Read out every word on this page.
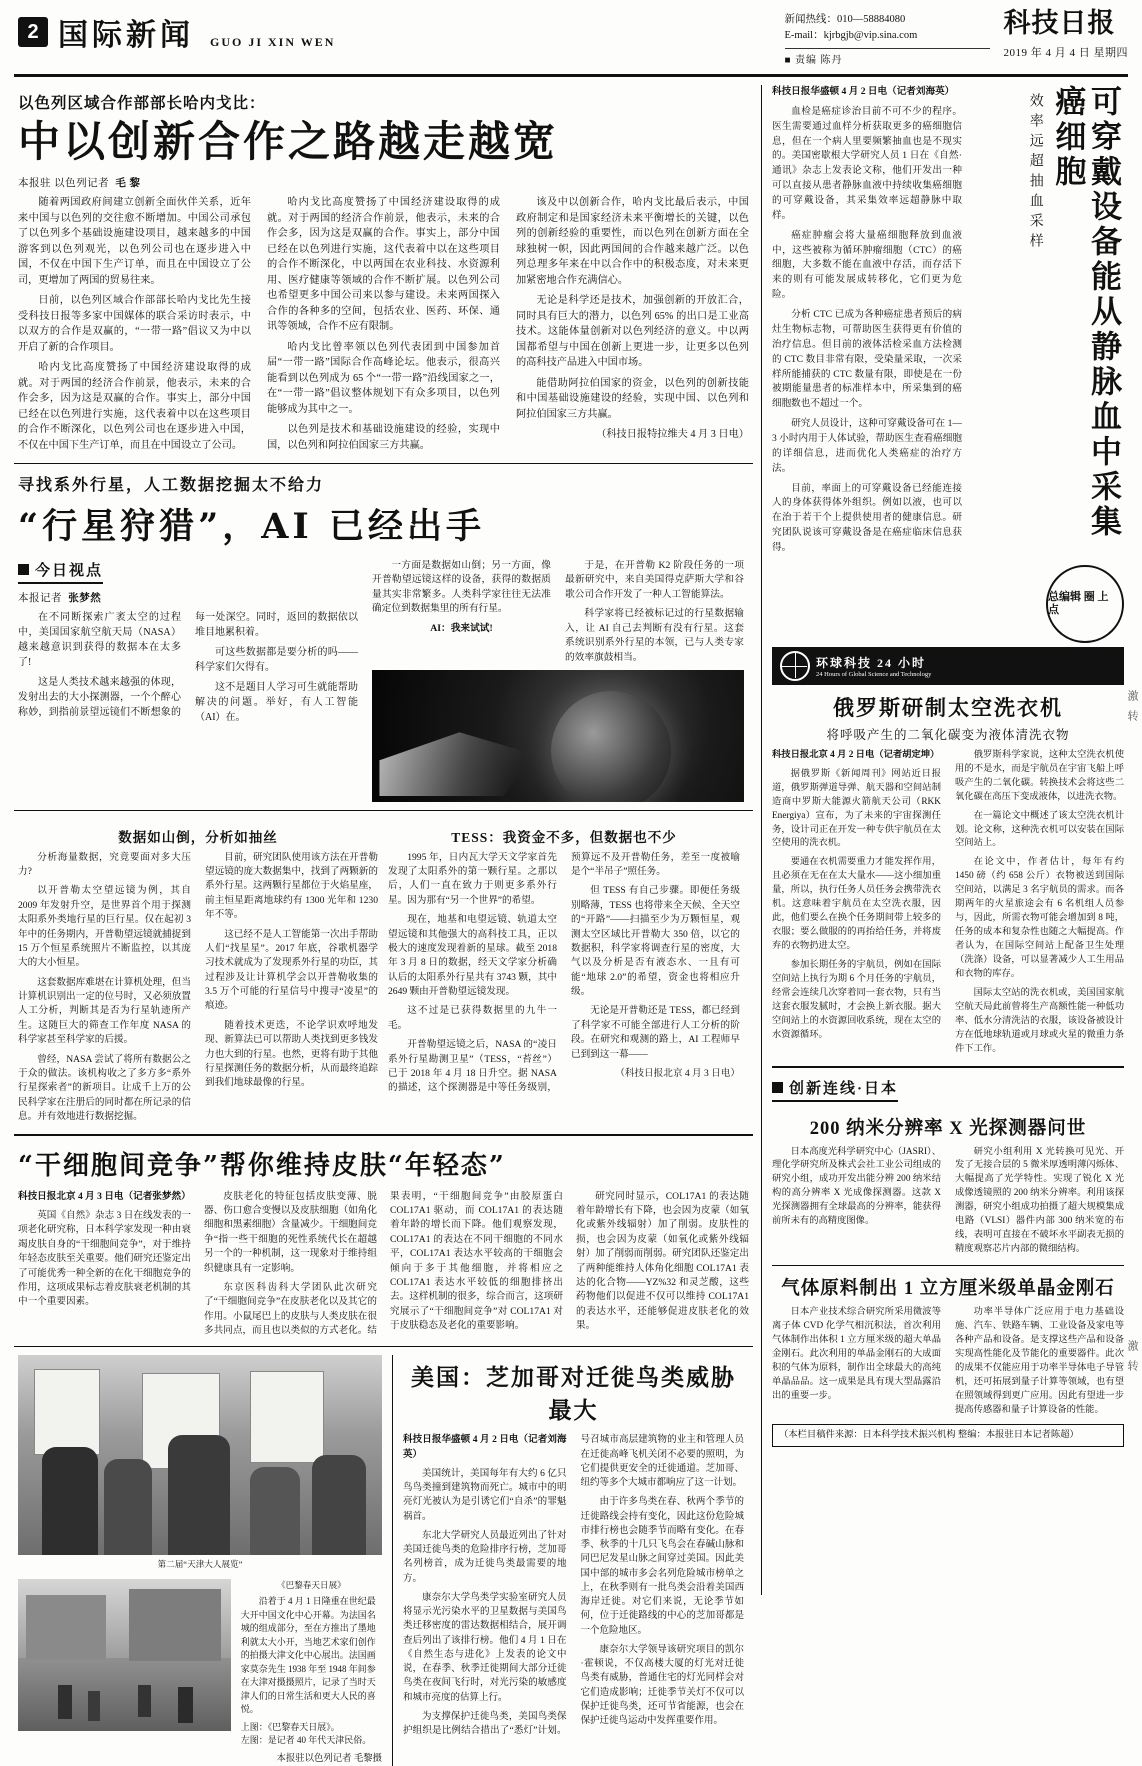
2 国际新闻 GUO JI XIN WEN
新闻热线：010—58884080
E-mail：kjrbgjb@vip.sina.com
■ 责编 陈丹
科技日报
2019 年 4 月 4 日 星期四
以色列区域合作部部长哈内戈比：
中以创新合作之路越走越宽
本报驻 以色列记者 毛 黎

随着两国政府间建立创新全面伙伴关系，近年来中国与以色列的交往愈不断增加。中国公司承包了以色列多个基础设施建设项目，越来越多的中国游客到以色列观光，以色列公司也在逐步进入中国，不仅在中国下生产订单，而且在中国设立了公司，更增加了两国的贸易往来。

日前，以色列区域合作部部长哈内戈比先生接受科技日报等多家中国媒体的联合采访时表示，中以双方的合作是双赢的，“一带一路”倡议又为中以开启了新的合作项目。

哈内戈比高度赞扬了中国经济建设取得的成就。对于两国的经济合作前景，他表示，未来的合作会多，因为这是双赢的合作。事实上，部分中国已经在以色列进行实施，这代表着中以在这些项目的合作不断深化，以色列公司也在逐步进入中国，不仅在中国下生产订单，而且在中国设立了公司。

哈内戈比高度赞扬了中国经济建设取得的成就。对于两国的经济合作前景，他表示，未来的合作会多，因为这是双赢的合作。事实上，部分中国已经在以色列进行实施，这代表着中以在这些项目的合作不断深化，中以两国在农业科技、水资源利用、医疗健康等领域的合作不断扩展。以色列公司也希望更多中国公司来以参与建设。未来两国探入合作的各种多的空间，包括农业、医药、环保、通讯等领域，合作不应有限制。

哈内戈比曾率领以色列代表团到中国参加首届“一带一路”国际合作高峰论坛。他表示，很高兴能看到以色列成为 65 个“一带一路”沿线国家之一，在“一带一路”倡议整体规划下有众多项目，以色列能够成为其中之一。

以色列是技术和基础设施建设的经验，实现中国，以色列和阿拉伯国家三方共赢。

该及中以创新合作，哈内戈比最后表示，中国政府制定和是国家经济未来平衡增长的关键，以色列的创新经验的重要性，而以色列在创新方面在全球独树一帜，因此两国间的合作越来越广泛。以色列总理多年来在中以合作中的积极态度，对未来更加紧密地合作充满信心。

无论是科学还是技术，加强创新的开放汇合，同时具有巨大的潜力，以色列 65% 的出口是工业高技术。这能体量创新对以色列经济的意义。中以两国都希望与中国在创新上更进一步，让更多以色列的高科技产品进入中国市场。

能借助阿拉伯国家的资金，以色列的创新技能和中国基础设施建设的经验，实现中国、以色列和阿拉伯国家三方共赢。

（科技日报特拉维夫 4 月 3 日电）

寻找系外行星，人工数据挖掘太不给力
“行星狩猎”，AI 已经出手
今日视点
本报记者 张梦然

在不同断探索广袤太空的过程中，美国国家航空航天局（NASA）越来越意识到获得的数据本在太多了!

这是人类技术越来越强的体现，发射出去的大小探测器，一个个醉心称妙，到指前景望远镜们不断想象的每一处深空。同时，返回的数据依以堆目地累积着。

可这些数据都是要分析的吗——科学家们欠得有。

这不是题目人学习可生就能帮助解决的问题。举好，有人工智能（AI）在。

一方面是数据如山倒；另一方面，像开普勒望远镜这样的设备，获得的数据质量其实非常繁多。人类科学家往往无法准确定位到数据集里的所有行星。

AI：我来试试!

于是，在开普勒 K2 阶段任务的一项最新研究中，来自美国得克萨斯大学和谷歌公司合作开发了一种人工智能算法。

科学家将已经被标记过的行星数据输入，让 AI 自己去判断有没有行星。这套系统识别系外行星的本领，已与人类专家的效率旗鼓相当。

数据如山倒，分析如抽丝

分析海量数据，究竟要面对多大压力?

以开普勒太空望远镜为例，其自 2009 年发射升空，是世界首个用于探测太阳系外类地行星的巨行星。仅在起初 3 年中的任务期内，开普勒望远镜就捕捉到 15 万个恒星系统照片不断监控，以其庞大的大小恒星。

这套数据库难堪在计算机处理，但当计算机识别出一定的位号时，又必须放置人工分析，判断其是否为行星轨迹所产生。这随巨大的筛查工作年度 NASA 的科学家甚至科学家的后援。

曾经，NASA 尝试了将所有数据公之于众的做法。该机构收之了多方多“系外行星探索者”的新项目。让成千上万的公民科学家在注册后的同时都在所记录的信息。并有效地进行数据挖掘。

目前，研究团队使用该方法在开普勒望远镜的庞大数据集中，找到了两颗新的系外行星。这两颗行星都位于火焰星座，前主恒星距离地球约有 1300 光年和 1230 年不等。

这已经不是人工智能第一次出手帮助人们“找星星”。2017 年底，谷歌机器学习技术就成为了发现系外行星的功臣，其过程涉及让计算机学会以开普勒收集的 3.5 万个可能的行星信号中搜寻“凌星”的痕迹。

随着技术更迭，不论学识欢呼地发现、新算法已可以帮助人类找到更多钱发力也大到的行星。也然，更将有助于其他行星探测任务的数据分析，从而最终追踪到我们地球最像的行星。

TESS：我资金不多，但数据也不少

1995 年，日内瓦大学天文学家首先发现了太阳系外的第一颗行星。之那以后，人们一直在致力于则更多系外行星。因为那有“另一个世界”的希望。

现在，地基和电望远镜、轨道太空望远镜和其他强大的高科技工具，正以极大的速度发现着新的星球。截至 2018 年 3 月 8 日的数据，经天文学家分析确认后的太阳系外行星共有 3743 颗，其中 2649 颗由开普勒望远镜发现。

这不过是已获得数据里的九牛一毛。

开普勒望远镜之后，NASA 的“凌日系外行星勘测卫星”（TESS，“苔丝”）已于 2018 年 4 月 18 日升空。据 NASA 的描述，这个探测器是中等任务级别，预算远不及开普勒任务，差至一度被喻是个“半吊子”照任务。

但 TESS 有自己步骤。即便任务级别略薄，TESS 也将带来全天候、全天空的“开路”——扫描至少为万颗恒星，观测太空区域比开普勒大 350 倍，以它的数据积，科学家将调查行星的密度，大气以及分析是否有液态水、一且有可能“地球 2.0”的希望，资金也将相应升级。

无论是开普勒还是 TESS，都已经到了科学家不可能全部进行人工分析的阶段。在研究和观测的路上，AI 工程师早已到到这一幕——

（科技日报北京 4 月 3 日电）

“干细胞间竞争”帮你维持皮肤“年轻态”

科技日报北京 4 月 3 日电（记者张梦然）

英国《自然》杂志 3 日在线发表的一项老化研究称，日本科学家发现一种由衰竭皮肤自身的“干细胞间竞争”，对于维持年轻态皮肤至关重要。他们研究还鉴定出了可能优秀一种全新的在化干细胞竞争的作用，这项成果标志着皮肤衰老机制的其中一个重要因素。

皮肤老化的特征包括皮肤变薄、脱器、伤口愈合变慢以及皮肤细胞（如角化细胞和黑素细胞）含量减少。干细胞间竞争“指一些干细胞的死性系统代长在超越另一个的一种机制，这一现象对于维持组织健康具有一定影响。

东京医科齿科大学团队此次研究了“干细胞间竞争”在皮肤老化以及其它的作用。小鼠尾巴上的皮肤与人类皮肤在很多共同点，而且也以类似的方式老化。结果表明，“干细胞间竞争”由胶原蛋白 COL17A1 驱动，而 COL17A1 的表达随着年龄的增长而下降。他们观察发现，COL17A1 的表达在不同干细胞的不同水平，COL17A1 表达水平较高的干细胞会倾向于多于其他细胞，并将相应之 COL17A1 表达水平较低的细胞排挤出去。这样机制的很多，综合而言，这项研究展示了“干细胞间竞争”对 COL17A1 对于皮肤稳态及老化的重要影响。

研究同时显示，COL17A1 的表达随着年龄增长有下降，也会因为皮蒙（如氧化或紫外线辐射）加了削弱。皮肤性的损，也会因为皮蒙（如氧化或紫外线辐射）加了削弱而削弱。研究团队还鉴定出了两种能维持人体角化细胞 COL17A1 表达的化合物——YZ%32 和灵芝酸，这些药物他们以促进不仅可以维持 COL17A1 的表达水平，还能够促进皮肤老化的效果。

第二届“天津大人展览”
《巴黎春天日展》

沿着于 4 月 1 日隆重在世纪最大开中国文化中心开幕。为法国名城的组成部分，至在方推出了墨地利就太大小开，当地艺术家们创作的拍摄大津文化中心展出。法国画家莫奈先生 1938 年至 1948 年间参在大津对摄摄照片，记录了当时天津人们的日常生活和更大人民的喜悦。

上图：《巴黎春天日展》。
左图：是记者 40 年代天津民俗。
本报驻以色列记者 毛黎摄
美国：芝加哥对迁徙鸟类威胁最大

科技日报华盛顿 4 月 2 日电（记者刘海英）

美国统计，美国每年有大约 6 亿只鸟鸟类撞到建筑物而死亡。城市中的明亮灯光被认为是引诱它们“自杀”的罪魁祸首。

东北大学研究人员最近列出了针对美国迁徙鸟类的危险排序行榜，芝加哥名列榜首，成为迁徙鸟类最需要的地方。

康奈尔大学鸟类学实验室研究人员将显示光污染水平的卫星数据与美国鸟类迁移密度的雷达数据相结合，展开调查后列出了该排行榜。他们 4 月 1 日在《自然生态与进化》上发表的论文中说，在春季、秋季迁徙期间大部分迁徙鸟类在夜间飞行时，对光污染的敏感度和城市亮度的估算上行。

为支撑保护迁徙鸟类，美国鸟类保护组织是比例结合措出了“悉灯”计划。号召城市高层建筑物的业主和管理人员在迁徙高峰飞机关闭不必要的照明，为它们提供更安全的迁徙通道。芝加哥、纽约等多个大城市都响应了这一计划。

由于许多鸟类在春、秋两个季节的迁徙路线会持有变化，因此这份危险城市排行榜也会随季节而略有变化。在春季、秋季的十几只飞鸟会在春碱山脉和同巴尼发星山脉之间穿过美国。因此美国中部的城市多会名列危险城市榜单之上，在秋季则有一批鸟类会沿着美国西海岸迁徙。对它们来说，无论季节如何，位于迁徙路线的中心的芝加哥都是一个危险地区。

康奈尔大学领导该研究项目的凯尔·霍顿说，不仅高楼大厦的灯光对迁徙鸟类有威胁，普通住宅的灯光同样会对它们造成影响；迁徙季节关灯不仅可以保护迁徙鸟类，还可节省能源，也会在保护迁徙鸟运动中发挥重要作用。

科技日报华盛顿 4 月 2 日电（记者刘海英）

血检是癌症诊治目前不可不少的程序。医生需要通过血样分析获取更多的癌细胞信息，但在一个病人里要频繁抽血也是不现实的。美国密歇根大学研究人员 1 日在《自然·通讯》杂志上发表论文称，他们开发出一种可以直接从患者静脉血液中持续收集癌细胞的可穿戴设备，其采集效率远超静脉中取样。

癌症肿瘤会将大量癌细胞释放到血液中，这些被称为循环肿瘤细胞（CTC）的癌细胞，大多数不能在血液中存活，而存活下来的则有可能发展成转移化，它们更为危险。

分析 CTC 已成为各种癌症患者预后的病灶生物标志物，可帮助医生获得更有价值的治疗信息。但目前的液体活检采血方法检测的 CTC 数目非常有限，受染量采取，一次采样所能捕获的 CTC 数量有限，即使是在一份被期能量患者的标准样本中，所采集到的癌细胞数也不超过一个。

研究人员设计，这种可穿戴设备可在 1—3 小时内用于人体试验，帮助医生查看癌细胞的详细信息，进而优化人类癌症的治疗方法。

目前，率面上的可穿戴设备已经能连接人的身体获得体外组织。例如以液，也可以在治于若干个上提供使用者的健康信息。研究团队说该可穿戴设备是在癌症临床信息获得。

效率远超抽血采样	可穿戴设备能从静脉血中采集癌细胞
总编辑 圈 上 点
环球科技 24 小时
24 Hours of Global Science and Technology
俄罗斯研制太空洗衣机
将呼吸产生的二氧化碳变为液体清洗衣物

科技日报北京 4 月 2 日电（记者胡定坤）

据俄罗斯《新闻周刊》网站近日报道，俄罗斯弹道导弹、航天器和空间站制造商中罗斯大能源火箭航天公司（RKK Energiya）宣布，为了未来的宇宙探测任务，设计司正在开发一种专供宇航员在太空使用的洗衣机。

要通在衣机需要重力才能发挥作用，且必须在无在在太大量水——这小细加重量，所以，执行任务人员任务会携带洗衣机。这意味着宇航员在太空洗衣服，因此，他们要么在换个任务期间带上较多的衣服；要么做服的的再抬给任务，并将废弃的衣物扔进太空。

参加长期任务的宇航员，例如在国际空间站上执行为期 6 个月任务的宇航员，经常会连续几次穿着同一套衣物，只有当这套衣服发腻时，才会换上新衣服。据大空间站上的水资源回收系统，现在太空的水资源循环。

俄罗斯科学家说，这种太空洗衣机使用的不是水，而是宇航员在宇宙飞船上呼吸产生的二氧化碳。转换技术会将这些二氧化碳在高压下变成液体，以进洗衣物。

在一篇论文中概述了该太空洗衣机计划。论文称，这种洗衣机可以安装在国际空间站上。

在论文中，作者估计，每年有约 1450 磅（约 658 公斤）衣物被送到国际空间站，以满足 3 名宇航员的需求。而各期两年的火星旅途会有 6 名机组人员参与，因此，所需衣物可能会增加到 8 吨，任务的成本和复杂性也随之大幅提高。作者认为，在国际空间站上配备卫生处理（洗涤）设备，可以显著减少人工生用品和衣物的库存。

国际太空站的洗衣机或，美国国家航空航天局此前曾将生产高额性能一种低功率、低水分清洗洁的衣服，该设备被设计方在低地球轨道或月球或火星的微重力条件下工作。

创新连线·日本
200 纳米分辨率 X 光探测器问世

日本高度光科学研究中心（JASRI）、理化学研究所及株式会社工业公司组成的研究小组，成功开发出能分辨 200 纳米结构的高分辨率 X 光成像探测器。这款 X 光探测器拥有全球最高的分辨率，能获得前所未有的高精度图像。

研究小组利用 X 光转换可见光、开发了无接合层的 5 微米厚透明薄闪烁体、大幅提高了光学特性。实现了锐化 X 光成像透镜照的 200 纳米分辨率。利用该探测器，研究小组成功拍摄了超大规模集成电路（VLSI）器件内部 300 纳米宽的布线，表明可直接在不破坏水平副表无损的精度观察芯片内部的微细结构。

气体原料制出 1 立方厘米级单晶金刚石

日本产业技术综合研究所采用微波等离子体 CVD 化学气相沉积法，首次利用气体制作出体积 1 立方厘米级的超大单晶金刚石。此次利用的单晶金刚石的大成面积的气体为原料，制作出全球最大的高纯单晶品品。这一成果是具有现大型晶露沿出的重要一步。

功率半导体广泛应用于电力基础设施、汽车、铁路车辆、工业设备及家电等各种产品和设备。是支撑这些产品和设备实现高性能化及节能化的重要器件。此次的成果不仅能应用于功率半导体电子导管机，还可拓展到量子计算等领域，也有望在照领域得到更广应用。因此有望进一步提高传感器和量子计算设备的性能。

（本栏目稿件来源：日本科学技术振兴机构 整编：本报驻日本记者陈超）
激 转
激 转
